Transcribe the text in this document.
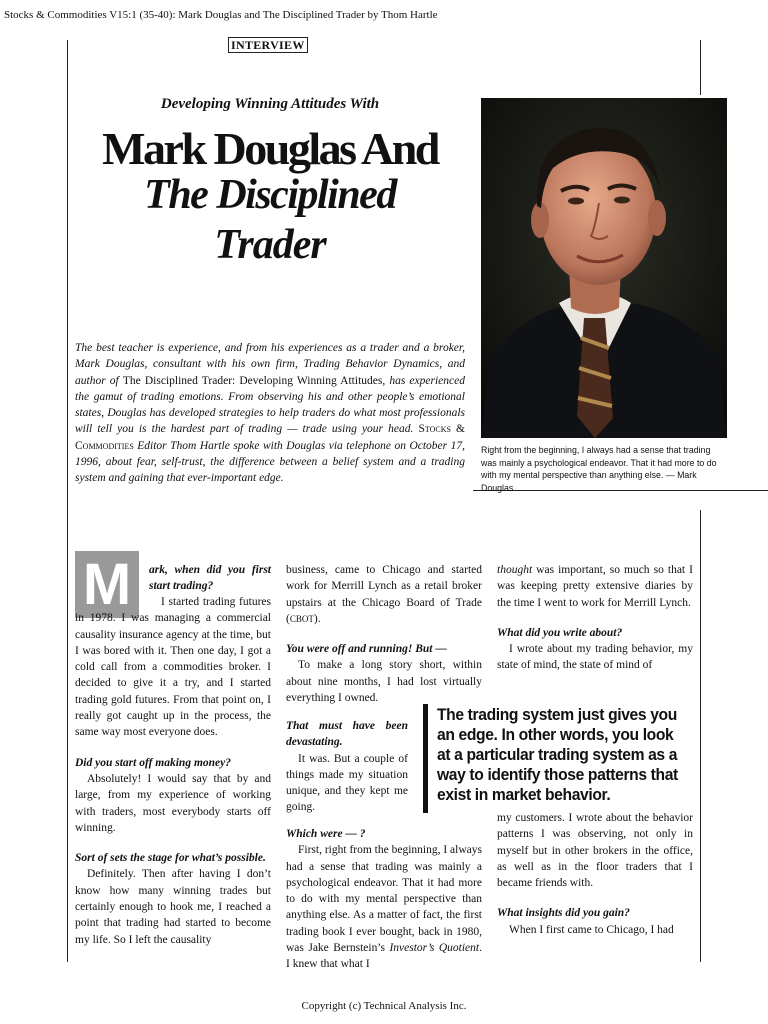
Stocks & Commodities V15:1 (35-40): Mark Douglas and The Disciplined Trader by Thom Hartle
INTERVIEW
Developing Winning Attitudes With
Mark Douglas And
The Disciplined
Trader
The best teacher is experience, and from his experiences as a trader and a broker, Mark Douglas, consultant with his own firm, Trading Behavior Dynamics, and author of The Disciplined Trader: Developing Winning Attitudes, has experienced the gamut of trading emotions. From observing his and other people’s emotional states, Douglas has developed strategies to help traders do what most professionals will tell you is the hardest part of trading — trade using your head. Stocks & Commodities Editor Thom Hartle spoke with Douglas via telephone on October 17, 1996, about fear, self-trust, the difference between a belief system and a trading system and gaining that ever-important edge.
Right from the beginning, I always had a sense that trading was mainly a psychological endeavor. That it had more to do with my mental perspective than anything else. — Mark Douglas
M	ark, when did you first start trading?

I started trading futures in 1978. I was managing a commercial causality insurance agency at the time, but I was bored with it. Then one day, I got a cold call from a commodities broker. I decided to give it a try, and I started trading gold futures. From that point on, I really got caught up in the process, the same way most everyone does.

Did you start off making money?

Absolutely! I would say that by and large, from my experience of working with traders, most everybody starts off winning.

Sort of sets the stage for what’s possible.

Definitely. Then after having I don’t know how many winning trades but certainly enough to hook me, I reached a point that trading had started to become my life. So I left the causality

business, came to Chicago and started work for Merrill Lynch as a retail broker upstairs at the Chicago Board of Trade (CBOT).

You were off and running! But —

To make a long story short, within about nine months, I had lost virtually everything I owned.

That must have been devastating.

It was. But a couple of things made my situation unique, and they kept me going.

Which were — ?

First, right from the beginning, I always had a sense that trading was mainly a psychological endeavor. That it had more to do with my mental perspective than anything else. As a matter of fact, the first trading book I ever bought, back in 1980, was Jake Bernstein’s Investor’s Quotient. I knew that what I

thought was important, so much so that I was keeping pretty extensive diaries by the time I went to work for Merrill Lynch.

What did you write about?

I wrote about my trading behavior, my state of mind, the state of mind of

my customers. I wrote about the behavior patterns I was observing, not only in myself but in other brokers in the office, as well as in the floor traders that I became friends with.

What insights did you gain?

When I first came to Chicago, I had

The trading system just gives you an edge. In other words, you look at a particular trading system as a way to identify those patterns that exist in market behavior.
Copyright (c) Technical Analysis Inc.
